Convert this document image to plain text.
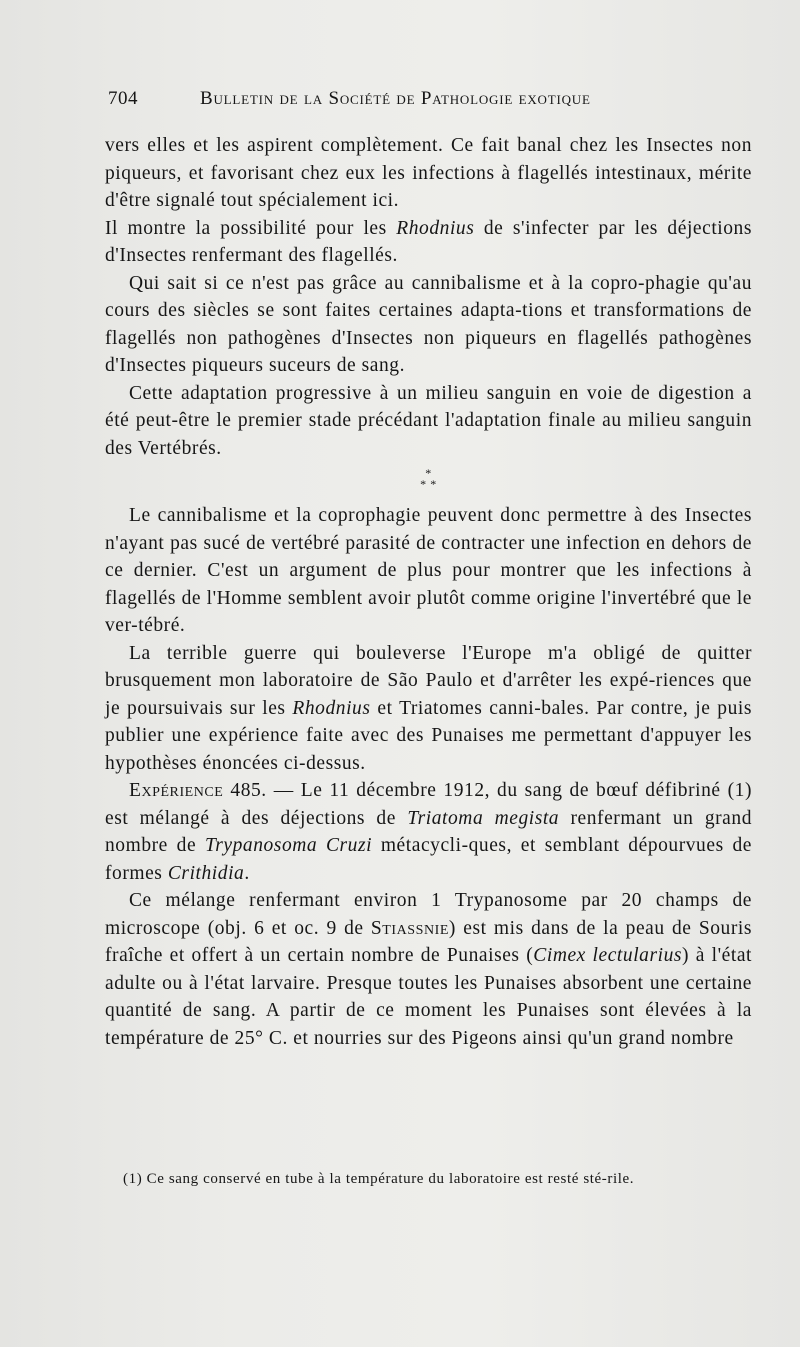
704	Bulletin de la Société de Pathologie exotique

vers elles et les aspirent complètement. Ce fait banal chez les Insectes non piqueurs, et favorisant chez eux les infections à flagellés intestinaux, mérite d'être signalé tout spécialement ici.

Il montre la possibilité pour les Rhodnius de s'infecter par les déjections d'Insectes renfermant des flagellés.

Qui sait si ce n'est pas grâce au cannibalisme et à la copro-phagie qu'au cours des siècles se sont faites certaines adapta-tions et transformations de flagellés non pathogènes d'Insectes non piqueurs en flagellés pathogènes d'Insectes piqueurs suceurs de sang.

Cette adaptation progressive à un milieu sanguin en voie de digestion a été peut-être le premier stade précédant l'adaptation finale au milieu sanguin des Vertébrés.

*
* *

Le cannibalisme et la coprophagie peuvent donc permettre à des Insectes n'ayant pas sucé de vertébré parasité de contracter une infection en dehors de ce dernier. C'est un argument de plus pour montrer que les infections à flagellés de l'Homme semblent avoir plutôt comme origine l'invertébré que le ver-tébré.

La terrible guerre qui bouleverse l'Europe m'a obligé de quitter brusquement mon laboratoire de São Paulo et d'arrêter les expé-riences que je poursuivais sur les Rhodnius et Triatomes canni-bales. Par contre, je puis publier une expérience faite avec des Punaises me permettant d'appuyer les hypothèses énoncées ci-dessus.

Expérience 485. — Le 11 décembre 1912, du sang de bœuf défibriné (1) est mélangé à des déjections de Triatoma megista renfermant un grand nombre de Trypanosoma Cruzi métacycli-ques, et semblant dépourvues de formes Crithidia.

Ce mélange renfermant environ 1 Trypanosome par 20 champs de microscope (obj. 6 et oc. 9 de Stiassnie) est mis dans de la peau de Souris fraîche et offert à un certain nombre de Punaises (Cimex lectularius) à l'état adulte ou à l'état larvaire. Presque toutes les Punaises absorbent une certaine quantité de sang. A partir de ce moment les Punaises sont élevées à la température de 25° C. et nourries sur des Pigeons ainsi qu'un grand nombre

(1) Ce sang conservé en tube à la température du laboratoire est resté sté-rile.
